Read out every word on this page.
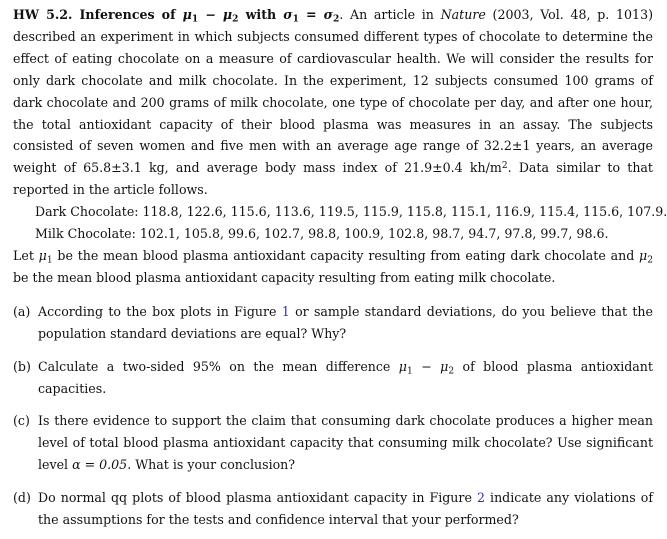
HW 5.2. Inferences of $\mu_1 - \mu_2$ with $\sigma_1 = \sigma_2$. An article in Nature (2003, Vol. 48, p. 1013) described an experiment in which subjects consumed different types of chocolate to determine the effect of eating chocolate on a measure of cardiovascular health. We will consider the results for only dark chocolate and milk chocolate. In the experiment, 12 subjects consumed 100 grams of dark chocolate and 200 grams of milk chocolate, one type of chocolate per day, and after one hour, the total antioxidant capacity of their blood plasma was measures in an assay. The subjects consisted of seven women and five men with an average age range of 32.2±1 years, an average weight of 65.8±3.1 kg, and average body mass index of 21.9±0.4 $kh/m^2$. Data similar to that reported in the article follows.
Dark Chocolate: 118.8, 122.6, 115.6, 113.6, 119.5, 115.9, 115.8, 115.1, 116.9, 115.4, 115.6, 107.9.
Milk Chocolate: 102.1, 105.8, 99.6, 102.7, 98.8, 100.9, 102.8, 98.7, 94.7, 97.8, 99.7, 98.6.
Let $\mu_1$ be the mean blood plasma antioxidant capacity resulting from eating dark chocolate and $\mu_2$ be the mean blood plasma antioxidant capacity resulting from eating milk chocolate.
(a) According to the box plots in Figure 1 or sample standard deviations, do you believe that the population standard deviations are equal? Why?
(b) Calculate a two-sided 95% on the mean difference $\mu_1 - \mu_2$ of blood plasma antioxidant capacities.
(c) Is there evidence to support the claim that consuming dark chocolate produces a higher mean level of total blood plasma antioxidant capacity that consuming milk chocolate? Use significant level α = 0.05. What is your conclusion?
(d) Do normal qq plots of blood plasma antioxidant capacity in Figure 2 indicate any violations of the assumptions for the tests and confidence interval that your performed?
